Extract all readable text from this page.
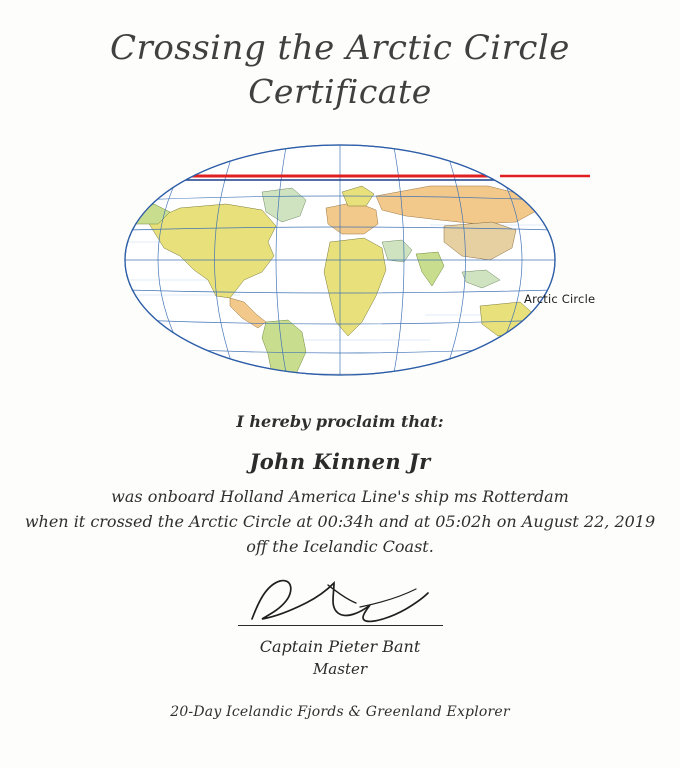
Crossing the Arctic Circle
Certificate
Arctic Circle
I hereby proclaim that:
John Kinnen Jr
was onboard Holland America Line's ship ms Rotterdam
when it crossed the Arctic Circle at 00:34h and at 05:02h on August 22, 2019
off the Icelandic Coast.
Captain Pieter Bant
Master
20-Day Icelandic Fjords & Greenland Explorer
